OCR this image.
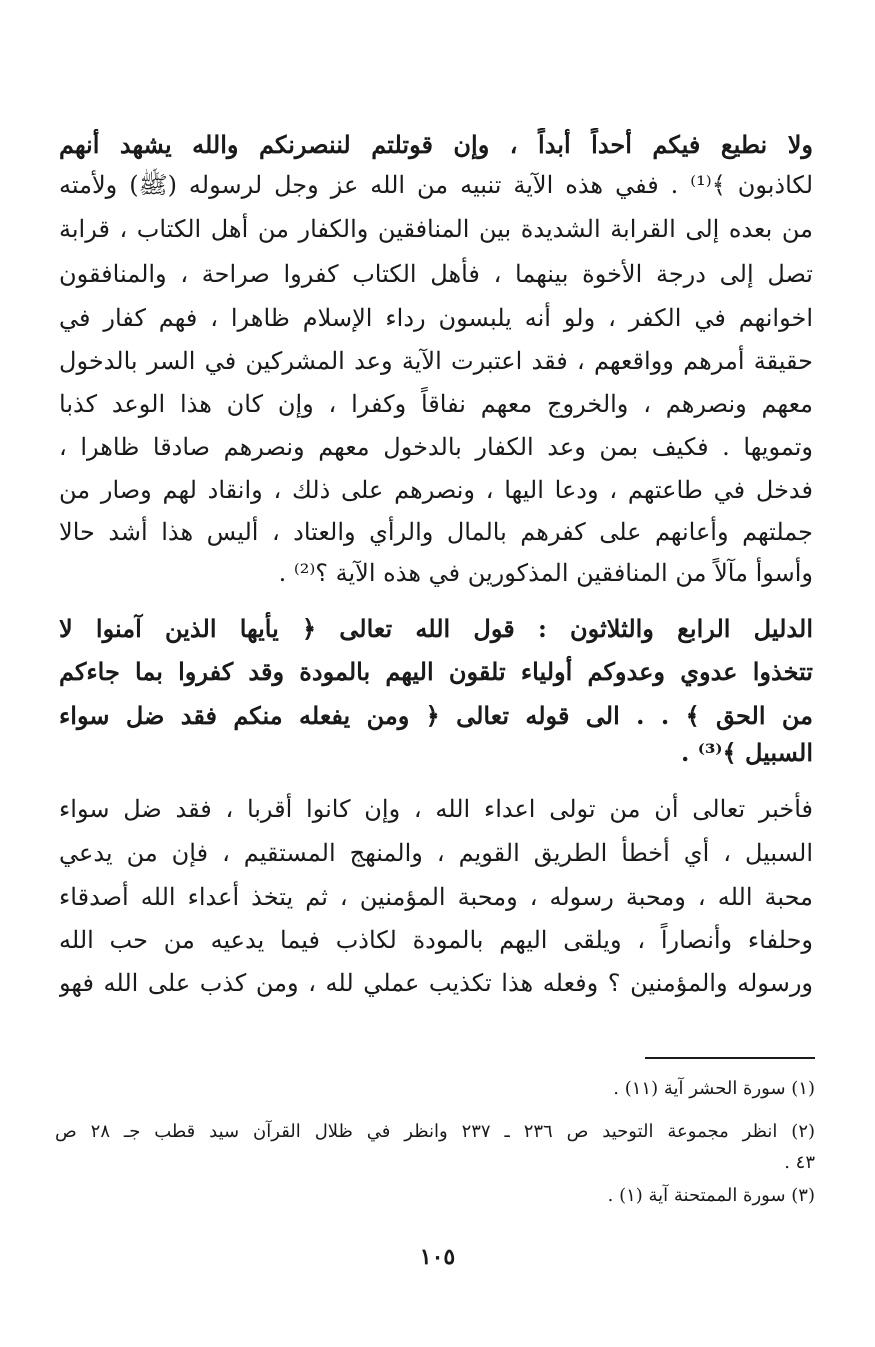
ولا نطيع فيكم أحداً أبداً ، وإن قوتلتم لننصرنكم والله يشهد أنهم
لكاذبون ﴾⁽¹⁾ . ففي هذه الآية تنبيه من الله عز وجل لرسوله (ﷺ) ولأمته
من بعده إلى القرابة الشديدة بين المنافقين والكفار من أهل الكتاب ، قرابة
تصل إلى درجة الأخوة بينهما ، فأهل الكتاب كفروا صراحة ، والمنافقون
اخوانهم في الكفر ، ولو أنه يلبسون رداء الإسلام ظاهرا ، فهم كفار في
حقيقة أمرهم وواقعهم ، فقد اعتبرت الآية وعد المشركين في السر بالدخول
معهم ونصرهم ، والخروج معهم نفاقاً وكفرا ، وإن كان هذا الوعد كذبا
وتمويها . فكيف بمن وعد الكفار بالدخول معهم ونصرهم صادقا ظاهرا ،
فدخل في طاعتهم ، ودعا اليها ، ونصرهم على ذلك ، وانقاد لهم وصار من
جملتهم وأعانهم على كفرهم بالمال والرأي والعتاد ، أليس هذا أشد حالا
وأسوأ مآلاً من المنافقين المذكورين في هذه الآية ؟⁽²⁾ .
الدليل الرابع والثلاثون : قول الله تعالى ﴿ يأيها الذين آمنوا لا
تتخذوا عدوي وعدوكم أولياء تلقون اليهم بالمودة وقد كفروا بما جاءكم
من الحق ﴾ . . الى قوله تعالى ﴿ ومن يفعله منكم فقد ضل سواء
السبيل ﴾⁽³⁾ .
فأخبر تعالى أن من تولى اعداء الله ، وإن كانوا أقربا ، فقد ضل سواء
السبيل ، أي أخطأ الطريق القويم ، والمنهج المستقيم ، فإن من يدعي
محبة الله ، ومحبة رسوله ، ومحبة المؤمنين ، ثم يتخذ أعداء الله أصدقاء
وحلفاء وأنصاراً ، ويلقى اليهم بالمودة لكاذب فيما يدعيه من حب الله
ورسوله والمؤمنين ؟ وفعله هذا تكذيب عملي لله ، ومن كذب على الله فهو
(١) سورة الحشر آية (١١) .
(٢) انظر مجموعة التوحيد ص ٢٣٦ ـ ٢٣٧ وانظر في ظلال القرآن سيد قطب جـ ٢٨ ص
٤٣ .
(٣) سورة الممتحنة آية (١) .
١٠٥
